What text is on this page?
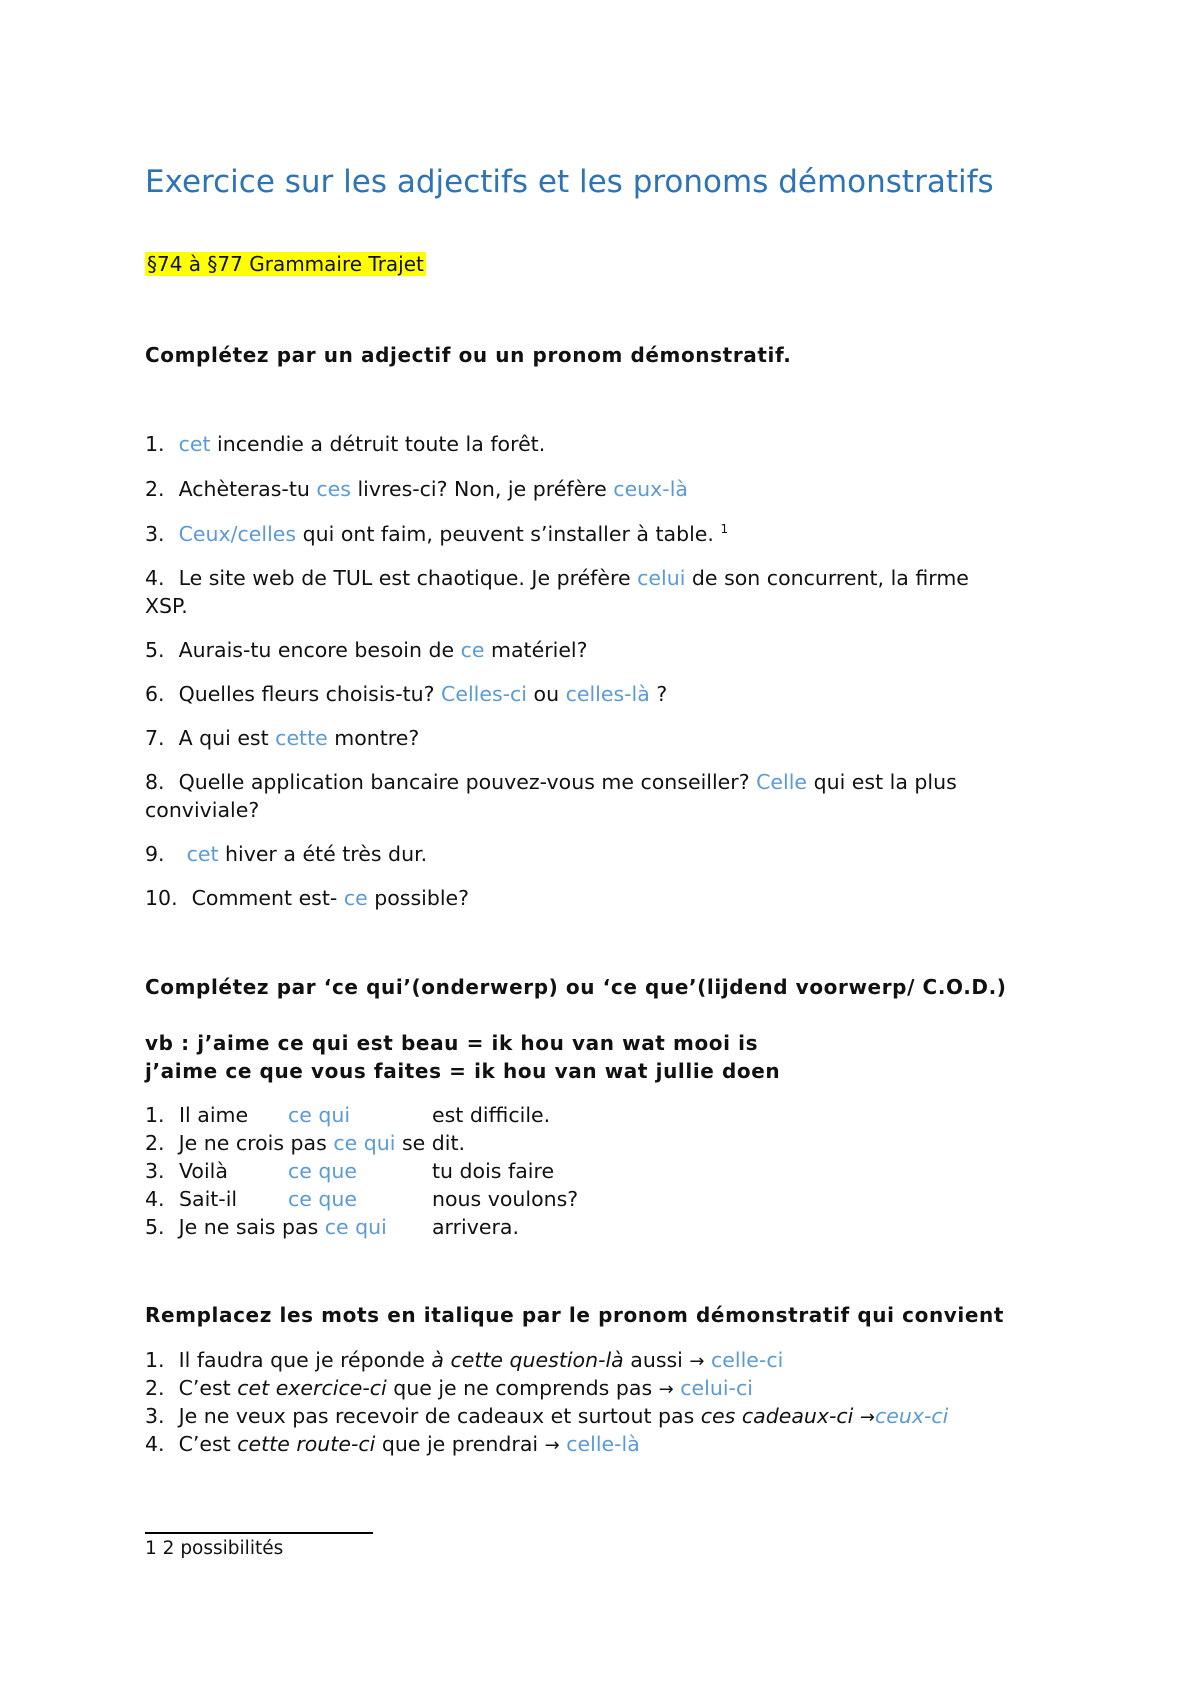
Exercice sur les adjectifs et les pronoms démonstratifs
§74 à §77 Grammaire Trajet
Complétez par un adjectif ou un pronom démonstratif.
1. cet incendie a détruit toute la forêt.
2. Achèteras-tu ces livres-ci? Non, je préfère ceux-là
3. Ceux/celles qui ont faim, peuvent s’installer à table. $^1$
4. Le site web de TUL est chaotique. Je préfère celui de son concurrent, la firme
XSP.
5. Aurais-tu encore besoin de ce matériel?
6. Quelles fleurs choisis-tu? Celles-ci ou celles-là ?
7. A qui est cette montre?
8. Quelle application bancaire pouvez-vous me conseiller? Celle qui est la plus
conviviale?
9. cet hiver a été très dur.
10. Comment est- ce possible?
Complétez par ‘ce qui’(onderwerp) ou ‘ce que’(lijdend voorwerp/ C.O.D.)
vb : j’aime ce qui est beau = ik hou van wat mooi is
j’aime ce que vous faites = ik hou van wat jullie doen
1. Il aime ce qui	est difficile.
2. Je ne crois pas ce qui se dit.
3. Voilà	ce que	tu dois faire
4. Sait-il ce que	nous voulons?
5. Je ne sais pas ce qui arrivera.
Remplacez les mots en italique par le pronom démonstratif qui convient
1. Il faudra que je réponde à cette question-là aussi → celle-ci
2. C’est cet exercice-ci que je ne comprends pas → celui-ci
3. Je ne veux pas recevoir de cadeaux et surtout pas ces cadeaux-ci →ceux-ci
4. C’est cette route-ci que je prendrai → celle-là
1 2 possibilités
